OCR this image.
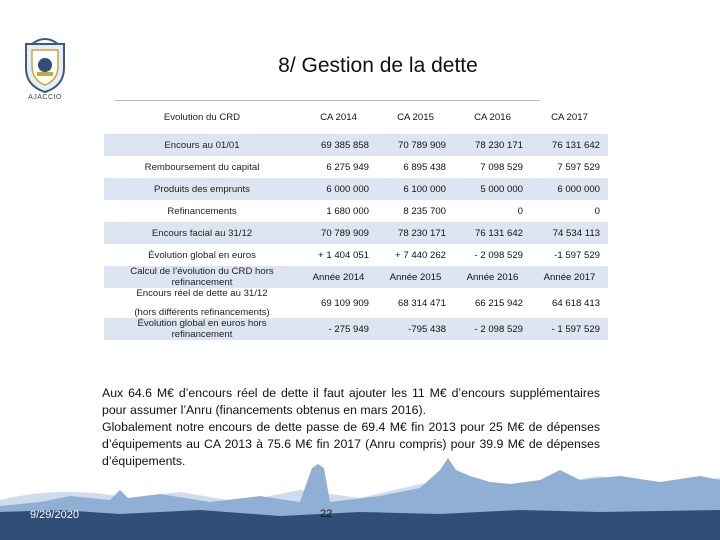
AJACCIO
8/ Gestion de la dette
Evolution du CRD	CA 2014	CA 2015	CA 2016	CA 2017

Encours au 01/01	69 385 858	70 789 909	78 230 171	76 131 642
Remboursement du capital	6 275 949	6 895 438	7 098 529	7 597 529
Produits des emprunts	6 000 000	6 100 000	5 000 000	6 000 000
Refinancements	1 680 000	8 235 700	0	0
Encours facial au 31/12	70 789 909	78 230 171	76 131 642	74 534 113
Évolution global en euros	+ 1 404 051	+ 7 440 262	- 2 098 529	-1 597 529
Calcul de l’évolution du CRD hors refinancement	Année 2014	Année 2015	Année 2016	Année 2017

Encours réel de dette au 31/12
(hors différents refinancements)	69 109 909	68 314 471	66 215 942	64 618 413
Évolution global en euros hors refinancement	- 275 949	-795 438	- 2 098 529	- 1 597 529

Aux 64.6 M€ d’encours réel de dette il faut ajouter les 11 M€ d’encours supplémentaires pour assumer l’Anru (financements obtenus en mars 2016).

Globalement notre encours de dette passe de 69.4 M€ fin 2013 pour 25 M€ de dépenses d’équipements au CA 2013 à 75.6 M€ fin 2017 (Anru compris) pour 39.9 M€ de dépenses d’équipements.

9/29/2020	22
